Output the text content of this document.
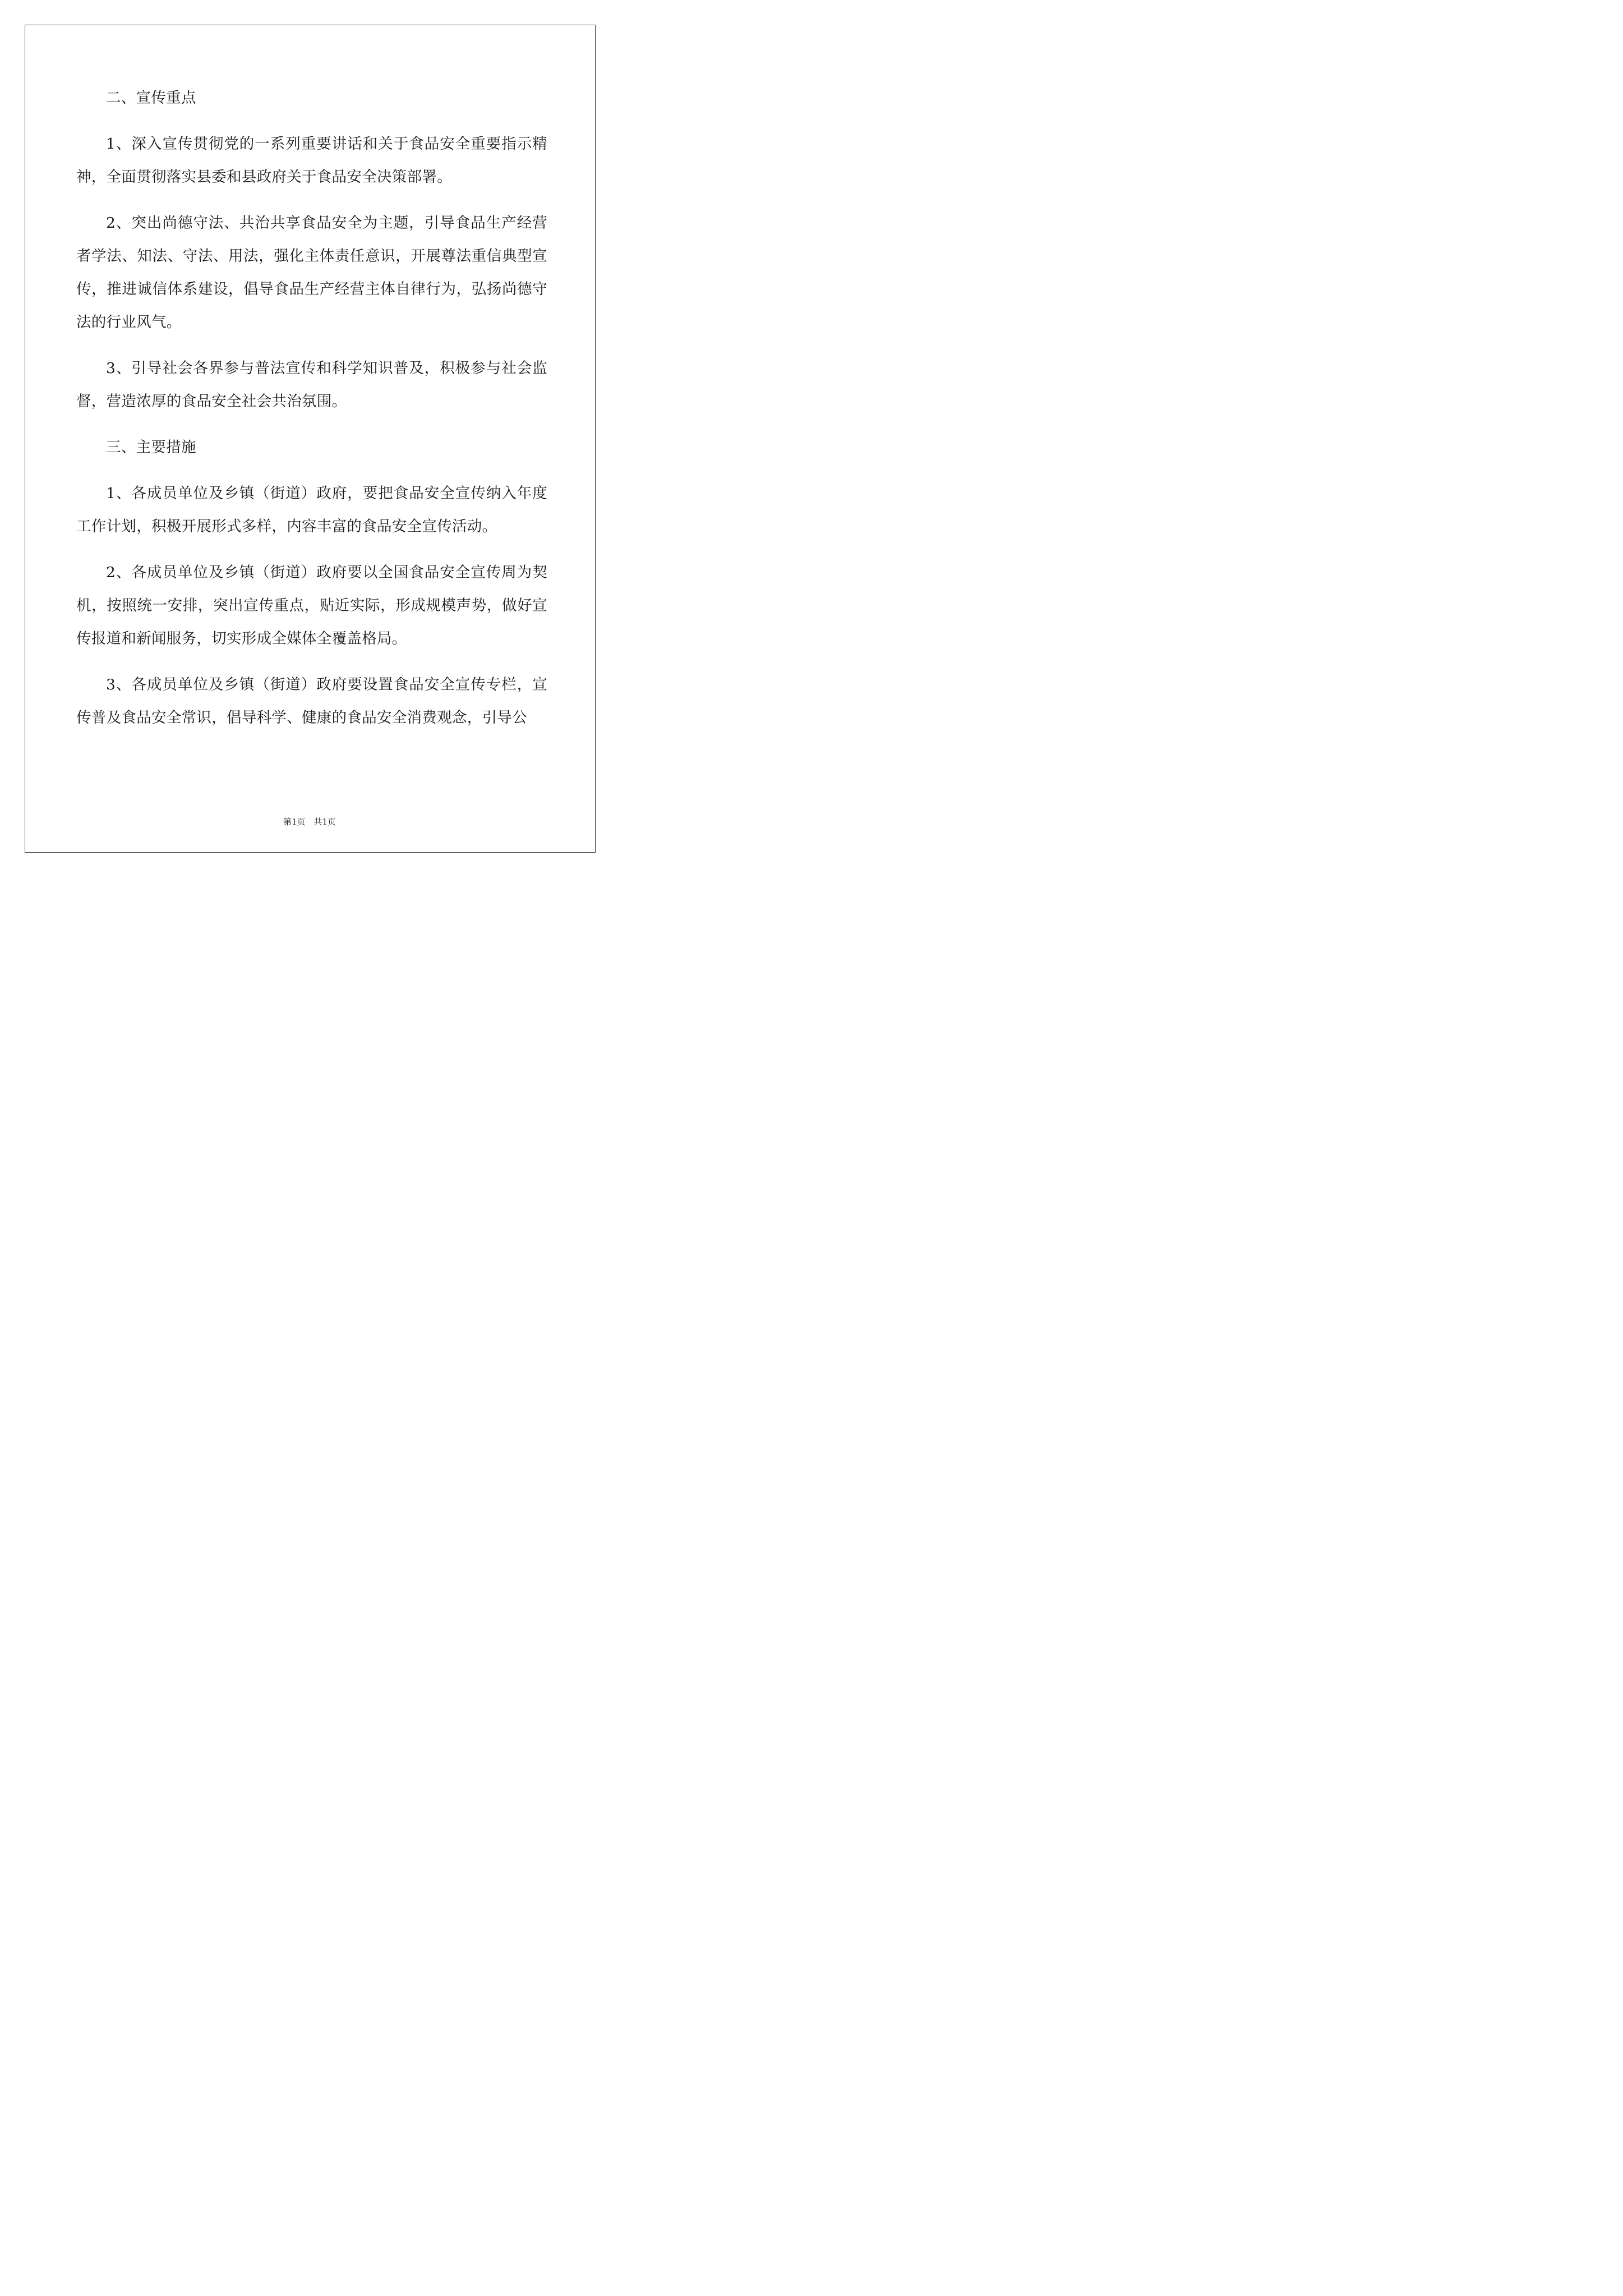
二、宣传重点

1、深入宣传贯彻党的一系列重要讲话和关于食品安全重要指示精神，全面贯彻落实县委和县政府关于食品安全决策部署。

2、突出尚德守法、共治共享食品安全为主题，引导食品生产经营者学法、知法、守法、用法，强化主体责任意识，开展尊法重信典型宣传，推进诚信体系建设，倡导食品生产经营主体自律行为，弘扬尚德守法的行业风气。

3、引导社会各界参与普法宣传和科学知识普及，积极参与社会监督，营造浓厚的食品安全社会共治氛围。

三、主要措施

1、各成员单位及乡镇（街道）政府，要把食品安全宣传纳入年度工作计划，积极开展形式多样，内容丰富的食品安全宣传活动。

2、各成员单位及乡镇（街道）政府要以全国食品安全宣传周为契机，按照统一安排，突出宣传重点，贴近实际，形成规模声势，做好宣传报道和新闻服务，切实形成全媒体全覆盖格局。

3、各成员单位及乡镇（街道）政府要设置食品安全宣传专栏，宣传普及食品安全常识，倡导科学、健康的食品安全消费观念，引导公

第1页　共1页
